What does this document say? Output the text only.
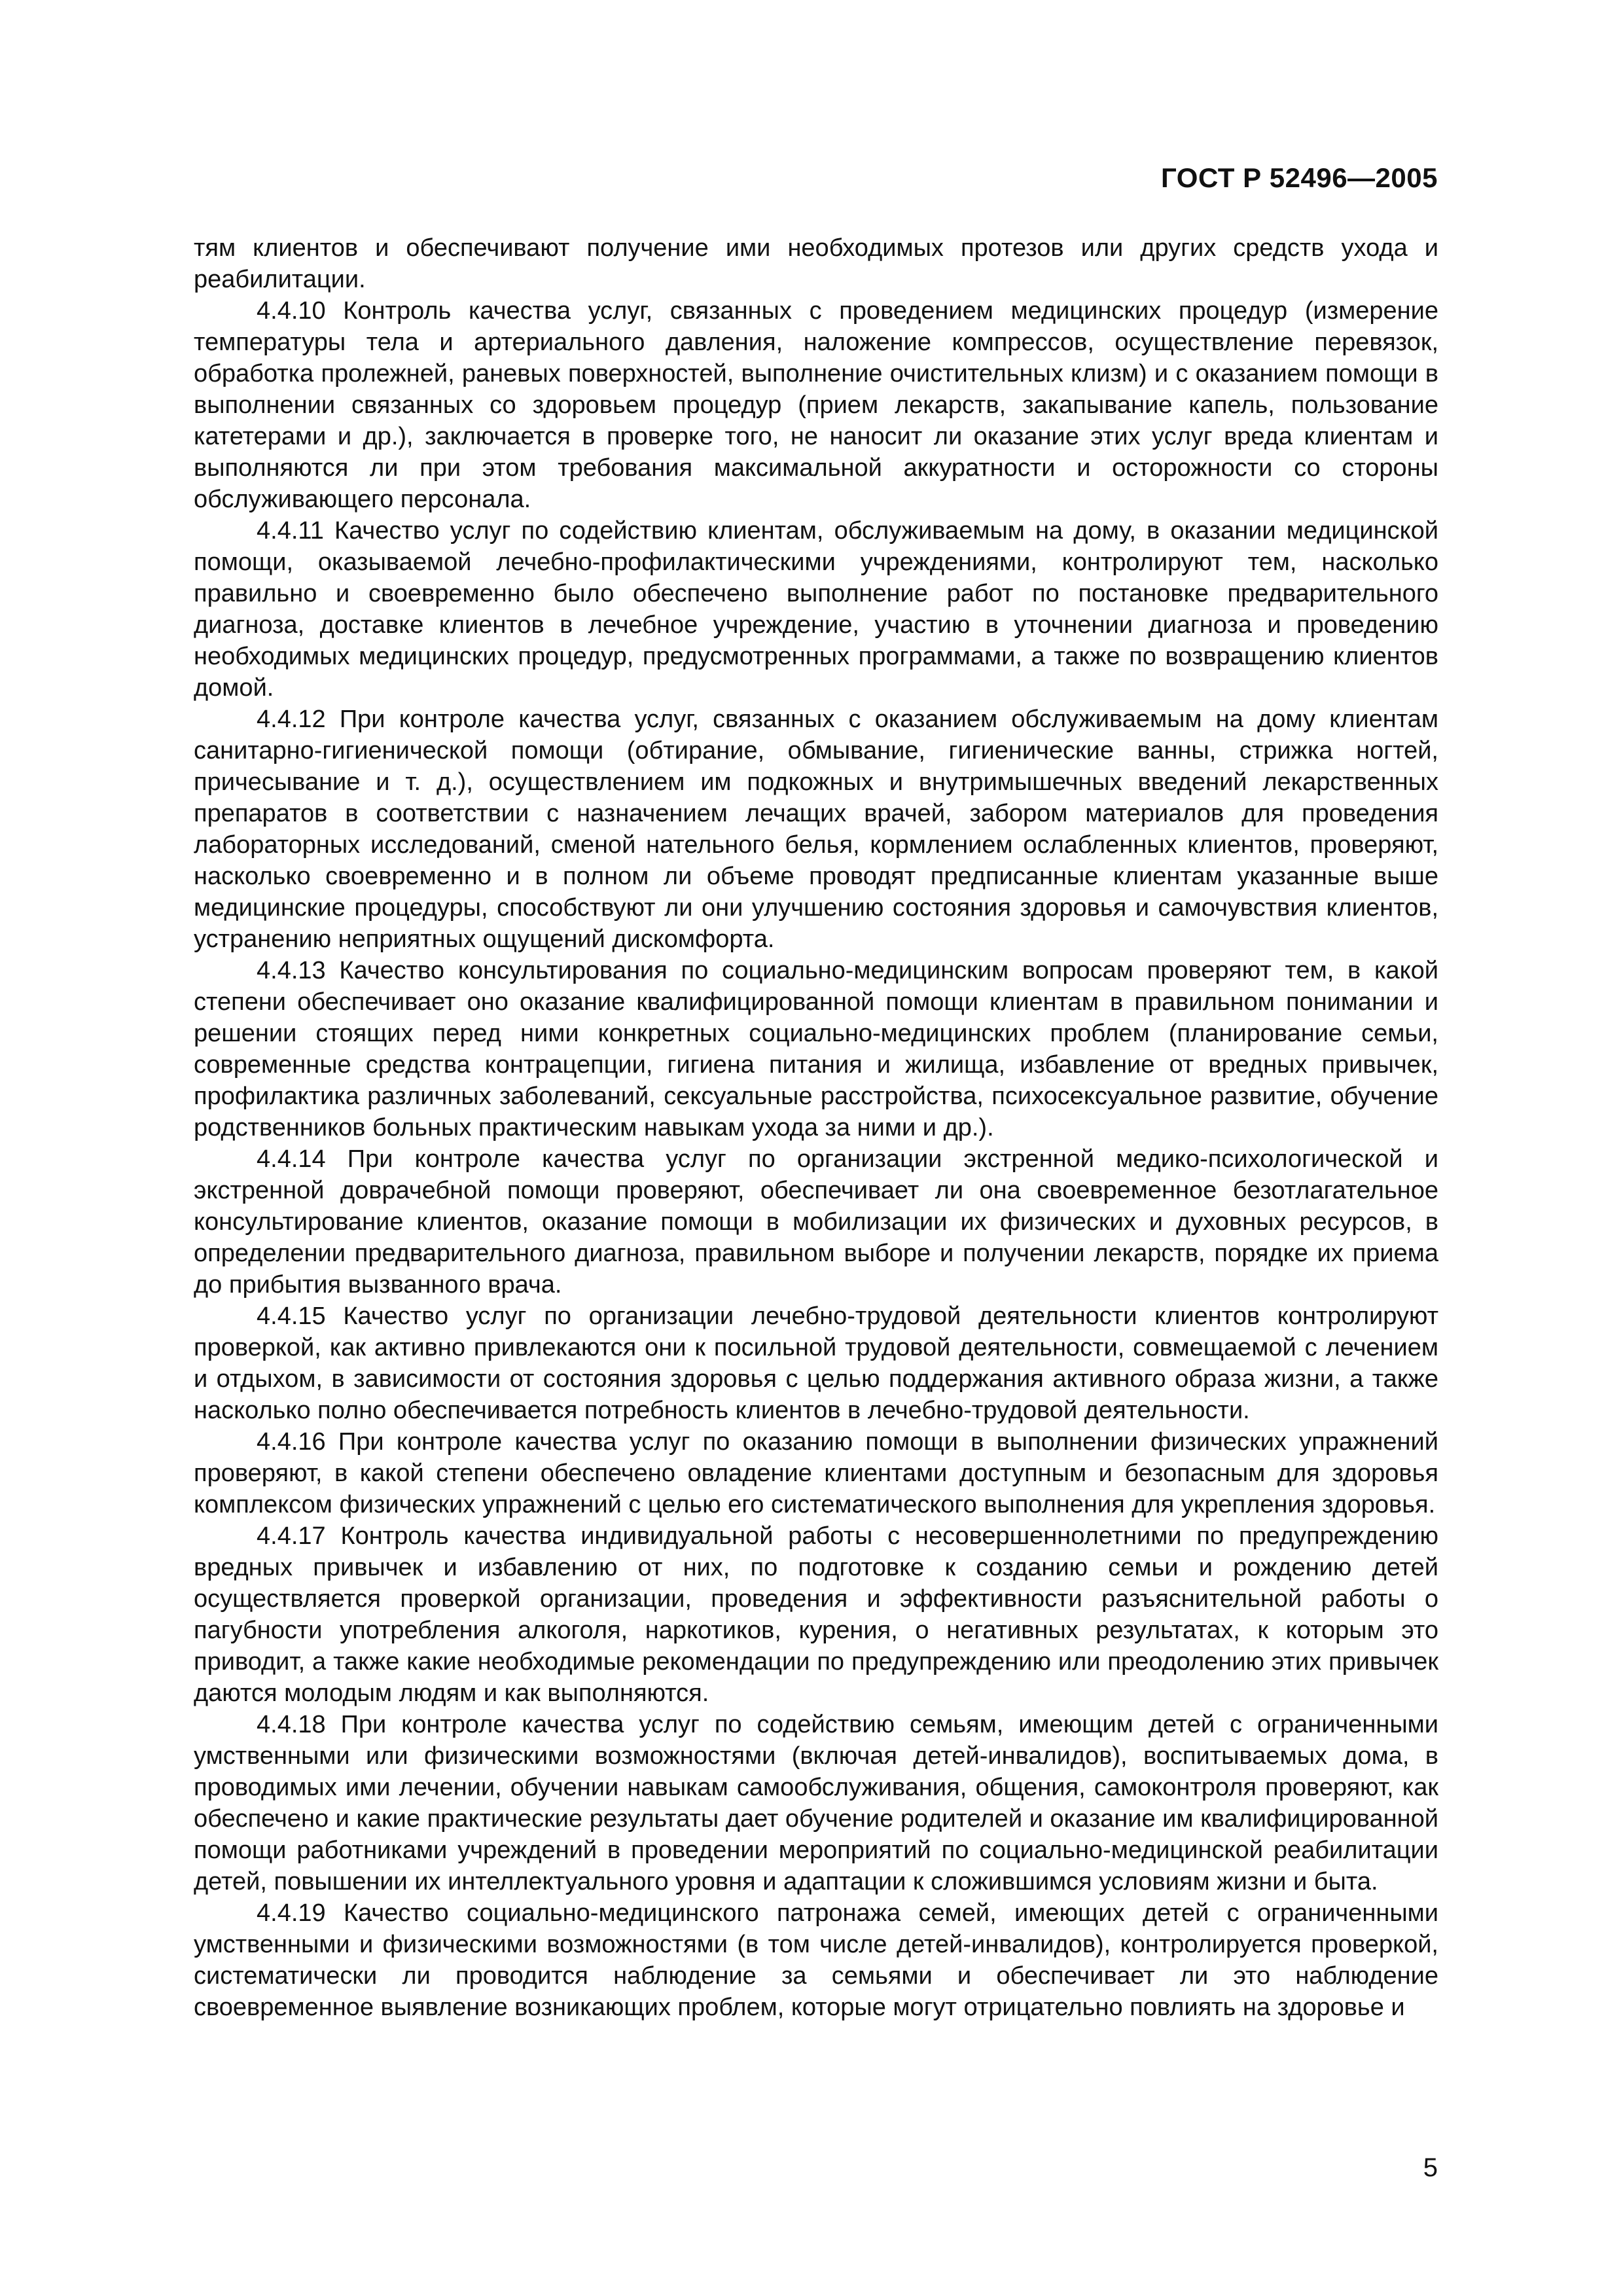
ГОСТ Р 52496—2005

тям клиентов и обеспечивают получение ими необходимых протезов или других средств ухода и реабилитации.

4.4.10 Контроль качества услуг, связанных с проведением медицинских процедур (измерение температуры тела и артериального давления, наложение компрессов, осуществление перевязок, обработка пролежней, раневых поверхностей, выполнение очистительных клизм) и с оказанием помощи в выполнении связанных со здоровьем процедур (прием лекарств, закапывание капель, пользование катетерами и др.), заключается в проверке того, не наносит ли оказание этих услуг вреда клиентам и выполняются ли при этом требования максимальной аккуратности и осторожности со стороны обслуживающего персонала.

4.4.11 Качество услуг по содействию клиентам, обслуживаемым на дому, в оказании медицинской помощи, оказываемой лечебно-профилактическими учреждениями, контролируют тем, насколько правильно и своевременно было обеспечено выполнение работ по постановке предварительного диагноза, доставке клиентов в лечебное учреждение, участию в уточнении диагноза и проведению необходимых медицинских процедур, предусмотренных программами, а также по возвращению клиентов домой.

4.4.12 При контроле качества услуг, связанных с оказанием обслуживаемым на дому клиентам санитарно-гигиенической помощи (обтирание, обмывание, гигиенические ванны, стрижка ногтей, причесывание и т. д.), осуществлением им подкожных и внутримышечных введений лекарственных препаратов в соответствии с назначением лечащих врачей, забором материалов для проведения лабораторных исследований, сменой нательного белья, кормлением ослабленных клиентов, проверяют, насколько своевременно и в полном ли объеме проводят предписанные клиентам указанные выше медицинские процедуры, способствуют ли они улучшению состояния здоровья и самочувствия клиентов, устранению неприятных ощущений дискомфорта.

4.4.13 Качество консультирования по социально-медицинским вопросам проверяют тем, в какой степени обеспечивает оно оказание квалифицированной помощи клиентам в правильном понимании и решении стоящих перед ними конкретных социально-медицинских проблем (планирование семьи, современные средства контрацепции, гигиена питания и жилища, избавление от вредных привычек, профилактика различных заболеваний, сексуальные расстройства, психосексуальное развитие, обучение родственников больных практическим навыкам ухода за ними и др.).

4.4.14 При контроле качества услуг по организации экстренной медико-психологической и экстренной доврачебной помощи проверяют, обеспечивает ли она своевременное безотлагательное консультирование клиентов, оказание помощи в мобилизации их физических и духовных ресурсов, в определении предварительного диагноза, правильном выборе и получении лекарств, порядке их приема до прибытия вызванного врача.

4.4.15 Качество услуг по организации лечебно-трудовой деятельности клиентов контролируют проверкой, как активно привлекаются они к посильной трудовой деятельности, совмещаемой с лечением и отдыхом, в зависимости от состояния здоровья с целью поддержания активного образа жизни, а также насколько полно обеспечивается потребность клиентов в лечебно-трудовой деятельности.

4.4.16 При контроле качества услуг по оказанию помощи в выполнении физических упражнений проверяют, в какой степени обеспечено овладение клиентами доступным и безопасным для здоровья комплексом физических упражнений с целью его систематического выполнения для укрепления здоровья.

4.4.17 Контроль качества индивидуальной работы с несовершеннолетними по предупреждению вредных привычек и избавлению от них, по подготовке к созданию семьи и рождению детей осуществляется проверкой организации, проведения и эффективности разъяснительной работы о пагубности употребления алкоголя, наркотиков, курения, о негативных результатах, к которым это приводит, а также какие необходимые рекомендации по предупреждению или преодолению этих привычек даются молодым людям и как выполняются.

4.4.18 При контроле качества услуг по содействию семьям, имеющим детей с ограниченными умственными или физическими возможностями (включая детей-инвалидов), воспитываемых дома, в проводимых ими лечении, обучении навыкам самообслуживания, общения, самоконтроля проверяют, как обеспечено и какие практические результаты дает обучение родителей и оказание им квалифицированной помощи работниками учреждений в проведении мероприятий по социально-медицинской реабилитации детей, повышении их интеллектуального уровня и адаптации к сложившимся условиям жизни и быта.

4.4.19 Качество социально-медицинского патронажа семей, имеющих детей с ограниченными умственными и физическими возможностями (в том числе детей-инвалидов), контролируется проверкой, систематически ли проводится наблюдение за семьями и обеспечивает ли это наблюдение своевременное выявление возникающих проблем, которые могут отрицательно повлиять на здоровье и

5
